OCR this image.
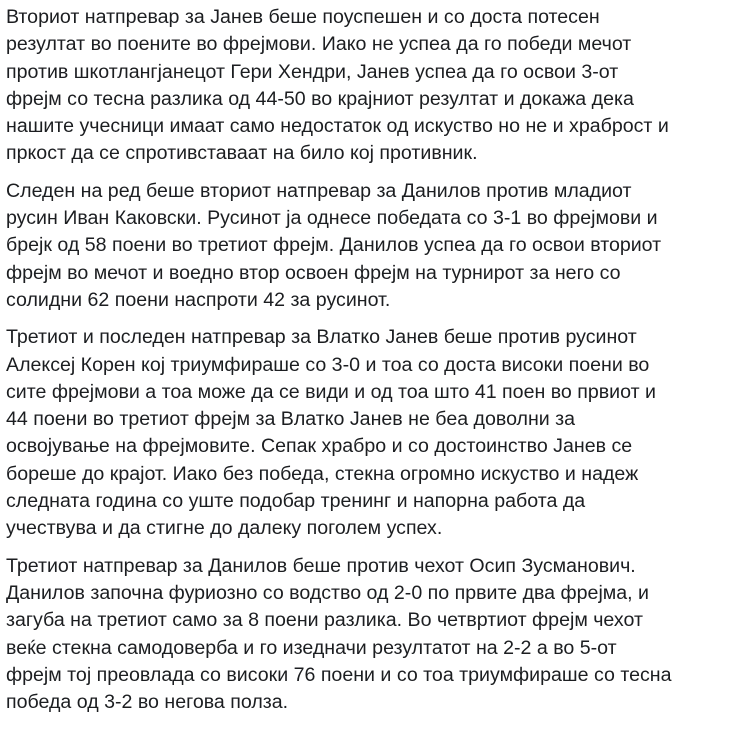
Вториот натпревар за Јанев беше поуспешен и со доста потесен
резултат во поените во фрејмови. Иако не успеа да го победи мечот
против шкотлангјанецот Гери Хендри, Јанев успеа да го освои 3-от
фрејм со тесна разлика од 44-50 во крајниот резултат и докажа дека
нашите учесници имаат само недостаток од искуство но не и храброст и
пркост да се спротивставаат на било кој противник.

Следен на ред беше вториот натпревар за Данилов против младиот
русин Иван Каковски. Русинот ја однесе победата со 3-1 во фрејмови и
брејк од 58 поени во третиот фрејм. Данилов успеа да го освои вториот
фрејм во мечот и воедно втор освоен фрејм на турнирот за него со
солидни 62 поени наспроти 42 за русинот.

Третиот и последен натпревар за Влатко Јанев беше против русинот
Алексеј Корен кој триумфираше со 3-0 и тоа со доста високи поени во
сите фрејмови а тоа може да се види и од тоа што 41 поен во првиот и
44 поени во третиот фрејм за Влатко Јанев не беа доволни за
освојување на фрејмовите. Сепак храбро и со достоинство Јанев се
бореше до крајот. Иако без победа, стекна огромно искуство и надеж
следната година со уште подобар тренинг и напорна работа да
учествува и да стигне до далеку поголем успех.

Третиот натпревар за Данилов беше против чехот Осип Зусманович.
Данилов започна фуриозно со водство од 2-0 по првите два фрејма, и
загуба на третиот само за 8 поени разлика. Во четвртиот фрејм чехот
веќе стекна самодоверба и го изедначи резултатот на 2-2 а во 5-от
фрејм тој преовлада со високи 76 поени и со тоа триумфираше со тесна
победа од 3-2 во негова полза.
